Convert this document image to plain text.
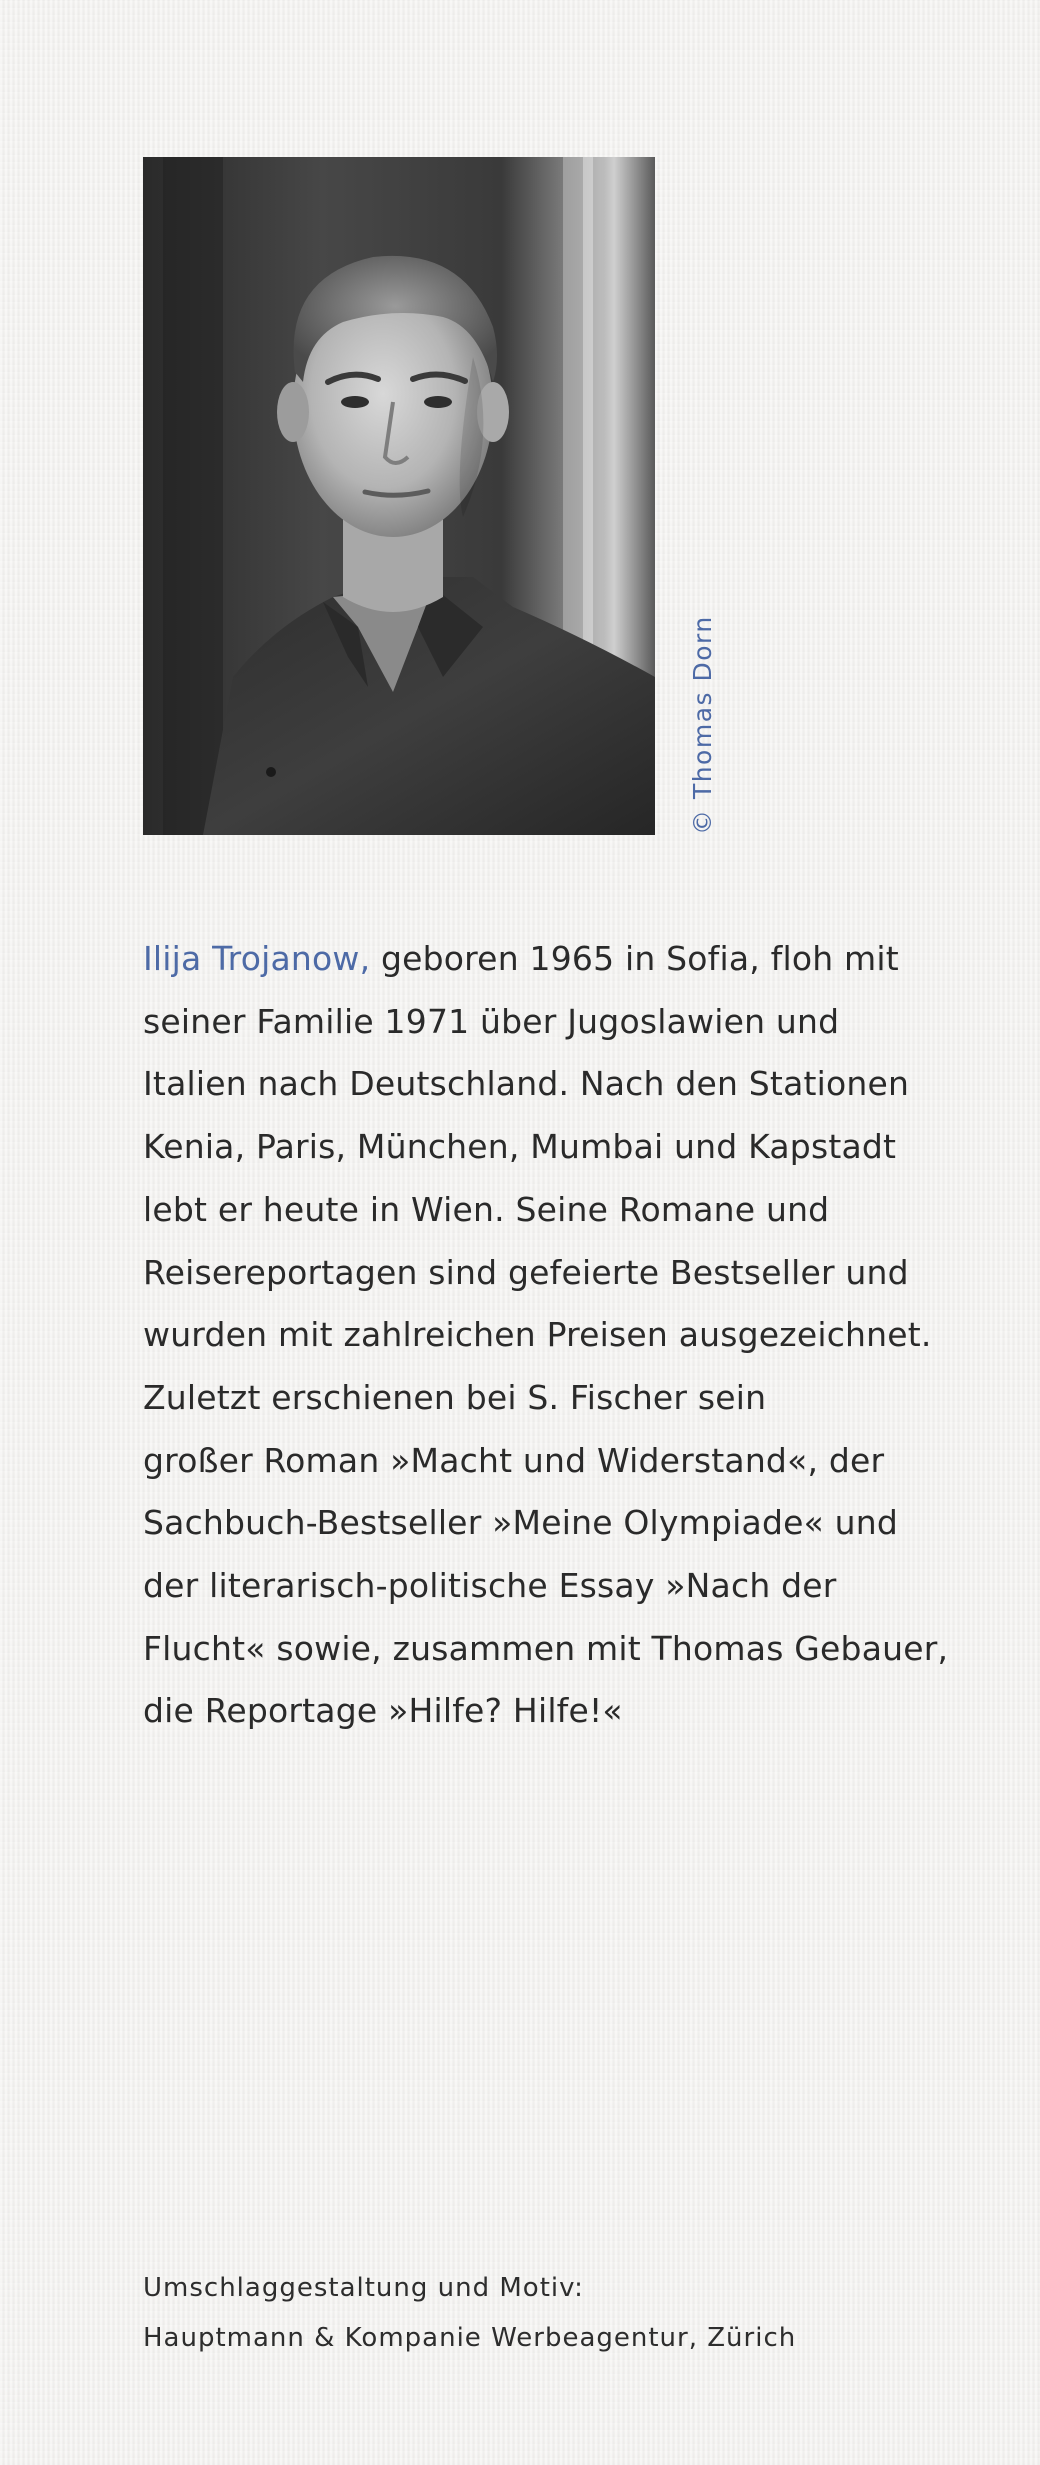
© Thomas Dorn
Ilija Trojanow, geboren 1965 in Sofia, floh mit
seiner Familie 1971 über Jugoslawien und
Italien nach Deutschland. Nach den Stationen
Kenia, Paris, München, Mumbai und Kapstadt
lebt er heute in Wien. Seine Romane und
Reisereportagen sind gefeierte Bestseller und
wurden mit zahlreichen Preisen ausgezeichnet.
Zuletzt erschienen bei S. Fischer sein
großer Roman »Macht und Widerstand«, der
Sachbuch-Bestseller »Meine Olympiade« und
der literarisch-politische Essay »Nach der
Flucht« sowie, zusammen mit Thomas Gebauer,
die Reportage »Hilfe? Hilfe!«
Umschlaggestaltung und Motiv:
Hauptmann & Kompanie Werbeagentur, Zürich
